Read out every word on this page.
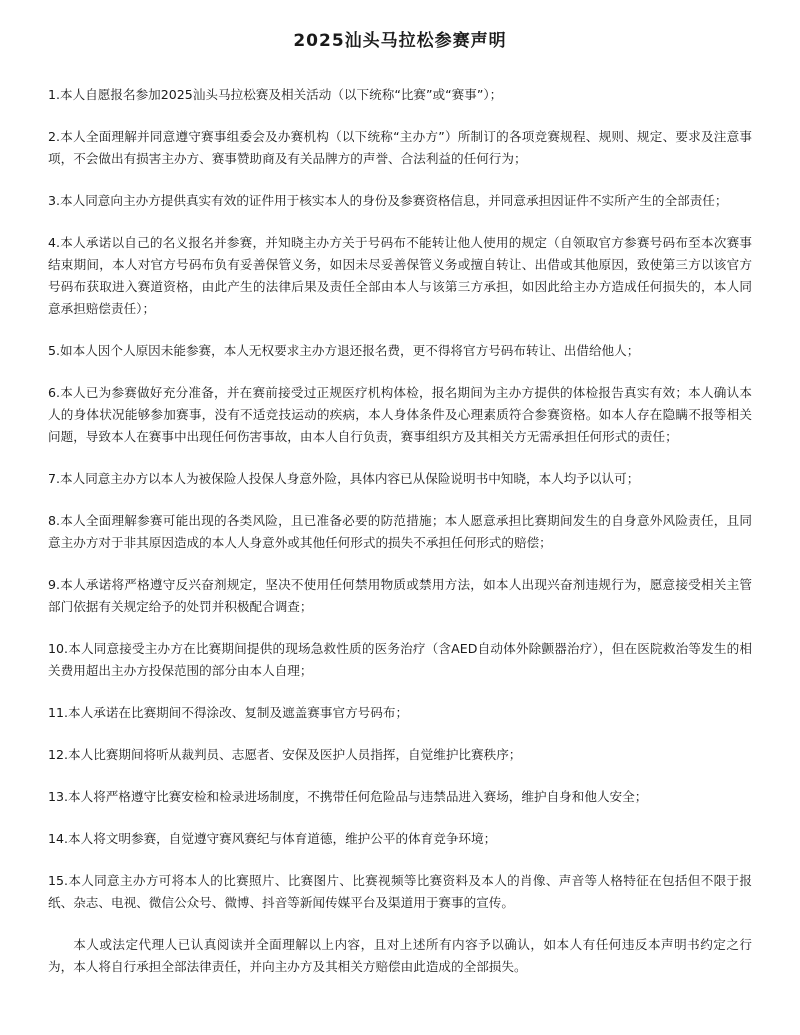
2025汕头马拉松参赛声明

1.本人自愿报名参加2025汕头马拉松赛及相关活动（以下统称“比赛”或“赛事”）；

2.本人全面理解并同意遵守赛事组委会及办赛机构（以下统称“主办方”）所制订的各项竞赛规程、规则、规定、要求及注意事项，不会做出有损害主办方、赛事赞助商及有关品牌方的声誉、合法利益的任何行为；

3.本人同意向主办方提供真实有效的证件用于核实本人的身份及参赛资格信息，并同意承担因证件不实所产生的全部责任；

4.本人承诺以自己的名义报名并参赛，并知晓主办方关于号码布不能转让他人使用的规定（自领取官方参赛号码布至本次赛事结束期间，本人对官方号码布负有妥善保管义务，如因未尽妥善保管义务或擅自转让、出借或其他原因，致使第三方以该官方号码布获取进入赛道资格，由此产生的法律后果及责任全部由本人与该第三方承担，如因此给主办方造成任何损失的，本人同意承担赔偿责任）；

5.如本人因个人原因未能参赛，本人无权要求主办方退还报名费，更不得将官方号码布转让、出借给他人；

6.本人已为参赛做好充分准备，并在赛前接受过正规医疗机构体检，报名期间为主办方提供的体检报告真实有效；本人确认本人的身体状况能够参加赛事，没有不适竞技运动的疾病，本人身体条件及心理素质符合参赛资格。如本人存在隐瞒不报等相关问题，导致本人在赛事中出现任何伤害事故，由本人自行负责，赛事组织方及其相关方无需承担任何形式的责任；

7.本人同意主办方以本人为被保险人投保人身意外险，具体内容已从保险说明书中知晓，本人均予以认可；

8.本人全面理解参赛可能出现的各类风险，且已准备必要的防范措施；本人愿意承担比赛期间发生的自身意外风险责任，且同意主办方对于非其原因造成的本人人身意外或其他任何形式的损失不承担任何形式的赔偿；

9.本人承诺将严格遵守反兴奋剂规定，坚决不使用任何禁用物质或禁用方法，如本人出现兴奋剂违规行为，愿意接受相关主管部门依据有关规定给予的处罚并积极配合调查；

10.本人同意接受主办方在比赛期间提供的现场急救性质的医务治疗（含AED自动体外除颤器治疗），但在医院救治等发生的相关费用超出主办方投保范围的部分由本人自理；

11.本人承诺在比赛期间不得涂改、复制及遮盖赛事官方号码布；

12.本人比赛期间将听从裁判员、志愿者、安保及医护人员指挥，自觉维护比赛秩序；

13.本人将严格遵守比赛安检和检录进场制度，不携带任何危险品与违禁品进入赛场，维护自身和他人安全；

14.本人将文明参赛，自觉遵守赛风赛纪与体育道德，维护公平的体育竞争环境；

15.本人同意主办方可将本人的比赛照片、比赛图片、比赛视频等比赛资料及本人的肖像、声音等人格特征在包括但不限于报纸、杂志、电视、微信公众号、微博、抖音等新闻传媒平台及渠道用于赛事的宣传。

本人或法定代理人已认真阅读并全面理解以上内容，且对上述所有内容予以确认，如本人有任何违反本声明书约定之行为，本人将自行承担全部法律责任，并向主办方及其相关方赔偿由此造成的全部损失。
